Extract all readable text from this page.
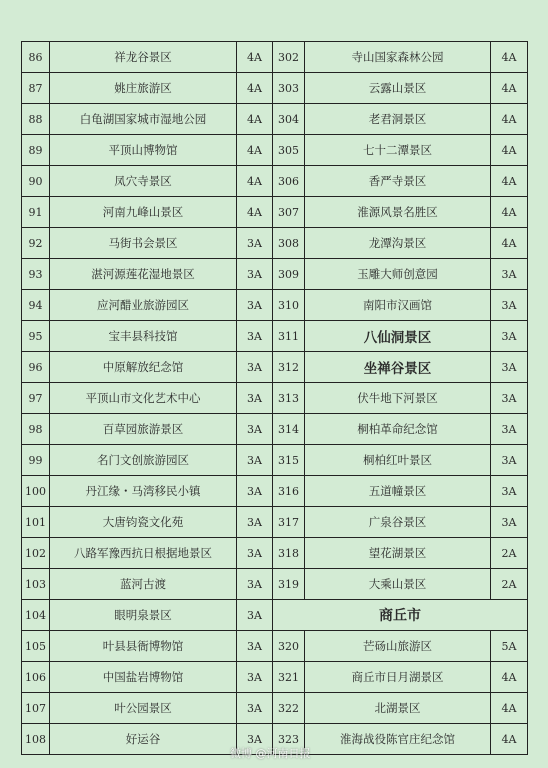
86	祥龙谷景区	4A	302	寺山国家森林公园	4A
87	姚庄旅游区	4A	303	云露山景区	4A
88	白龟湖国家城市湿地公园	4A	304	老君洞景区	4A
89	平顶山博物馆	4A	305	七十二潭景区	4A
90	凤穴寺景区	4A	306	香严寺景区	4A
91	河南九峰山景区	4A	307	淮源风景名胜区	4A
92	马街书会景区	3A	308	龙潭沟景区	4A
93	湛河源莲花湿地景区	3A	309	玉雕大师创意园	3A
94	应河醋业旅游园区	3A	310	南阳市汉画馆	3A
95	宝丰县科技馆	3A	311	八仙洞景区	3A
96	中原解放纪念馆	3A	312	坐禅谷景区	3A
97	平顶山市文化艺术中心	3A	313	伏牛地下河景区	3A
98	百草园旅游景区	3A	314	桐柏革命纪念馆	3A
99	名门文创旅游园区	3A	315	桐柏红叶景区	3A
100	丹江缘・马湾移民小镇	3A	316	五道幢景区	3A
101	大唐钧瓷文化苑	3A	317	广泉谷景区	3A
102	八路军豫西抗日根据地景区	3A	318	望花湖景区	2A
103	蓝河古渡	3A	319	大乘山景区	2A
104	眼明泉景区	3A	商丘市		
105	叶县县衙博物馆	3A	320	芒砀山旅游区	5A
106	中国盐岩博物馆	3A	321	商丘市日月湖景区	4A
107	叶公园景区	3A	322	北湖景区	4A
108	好运谷	3A	323	淮海战役陈官庄纪念馆	4A
微博 @河南日报
